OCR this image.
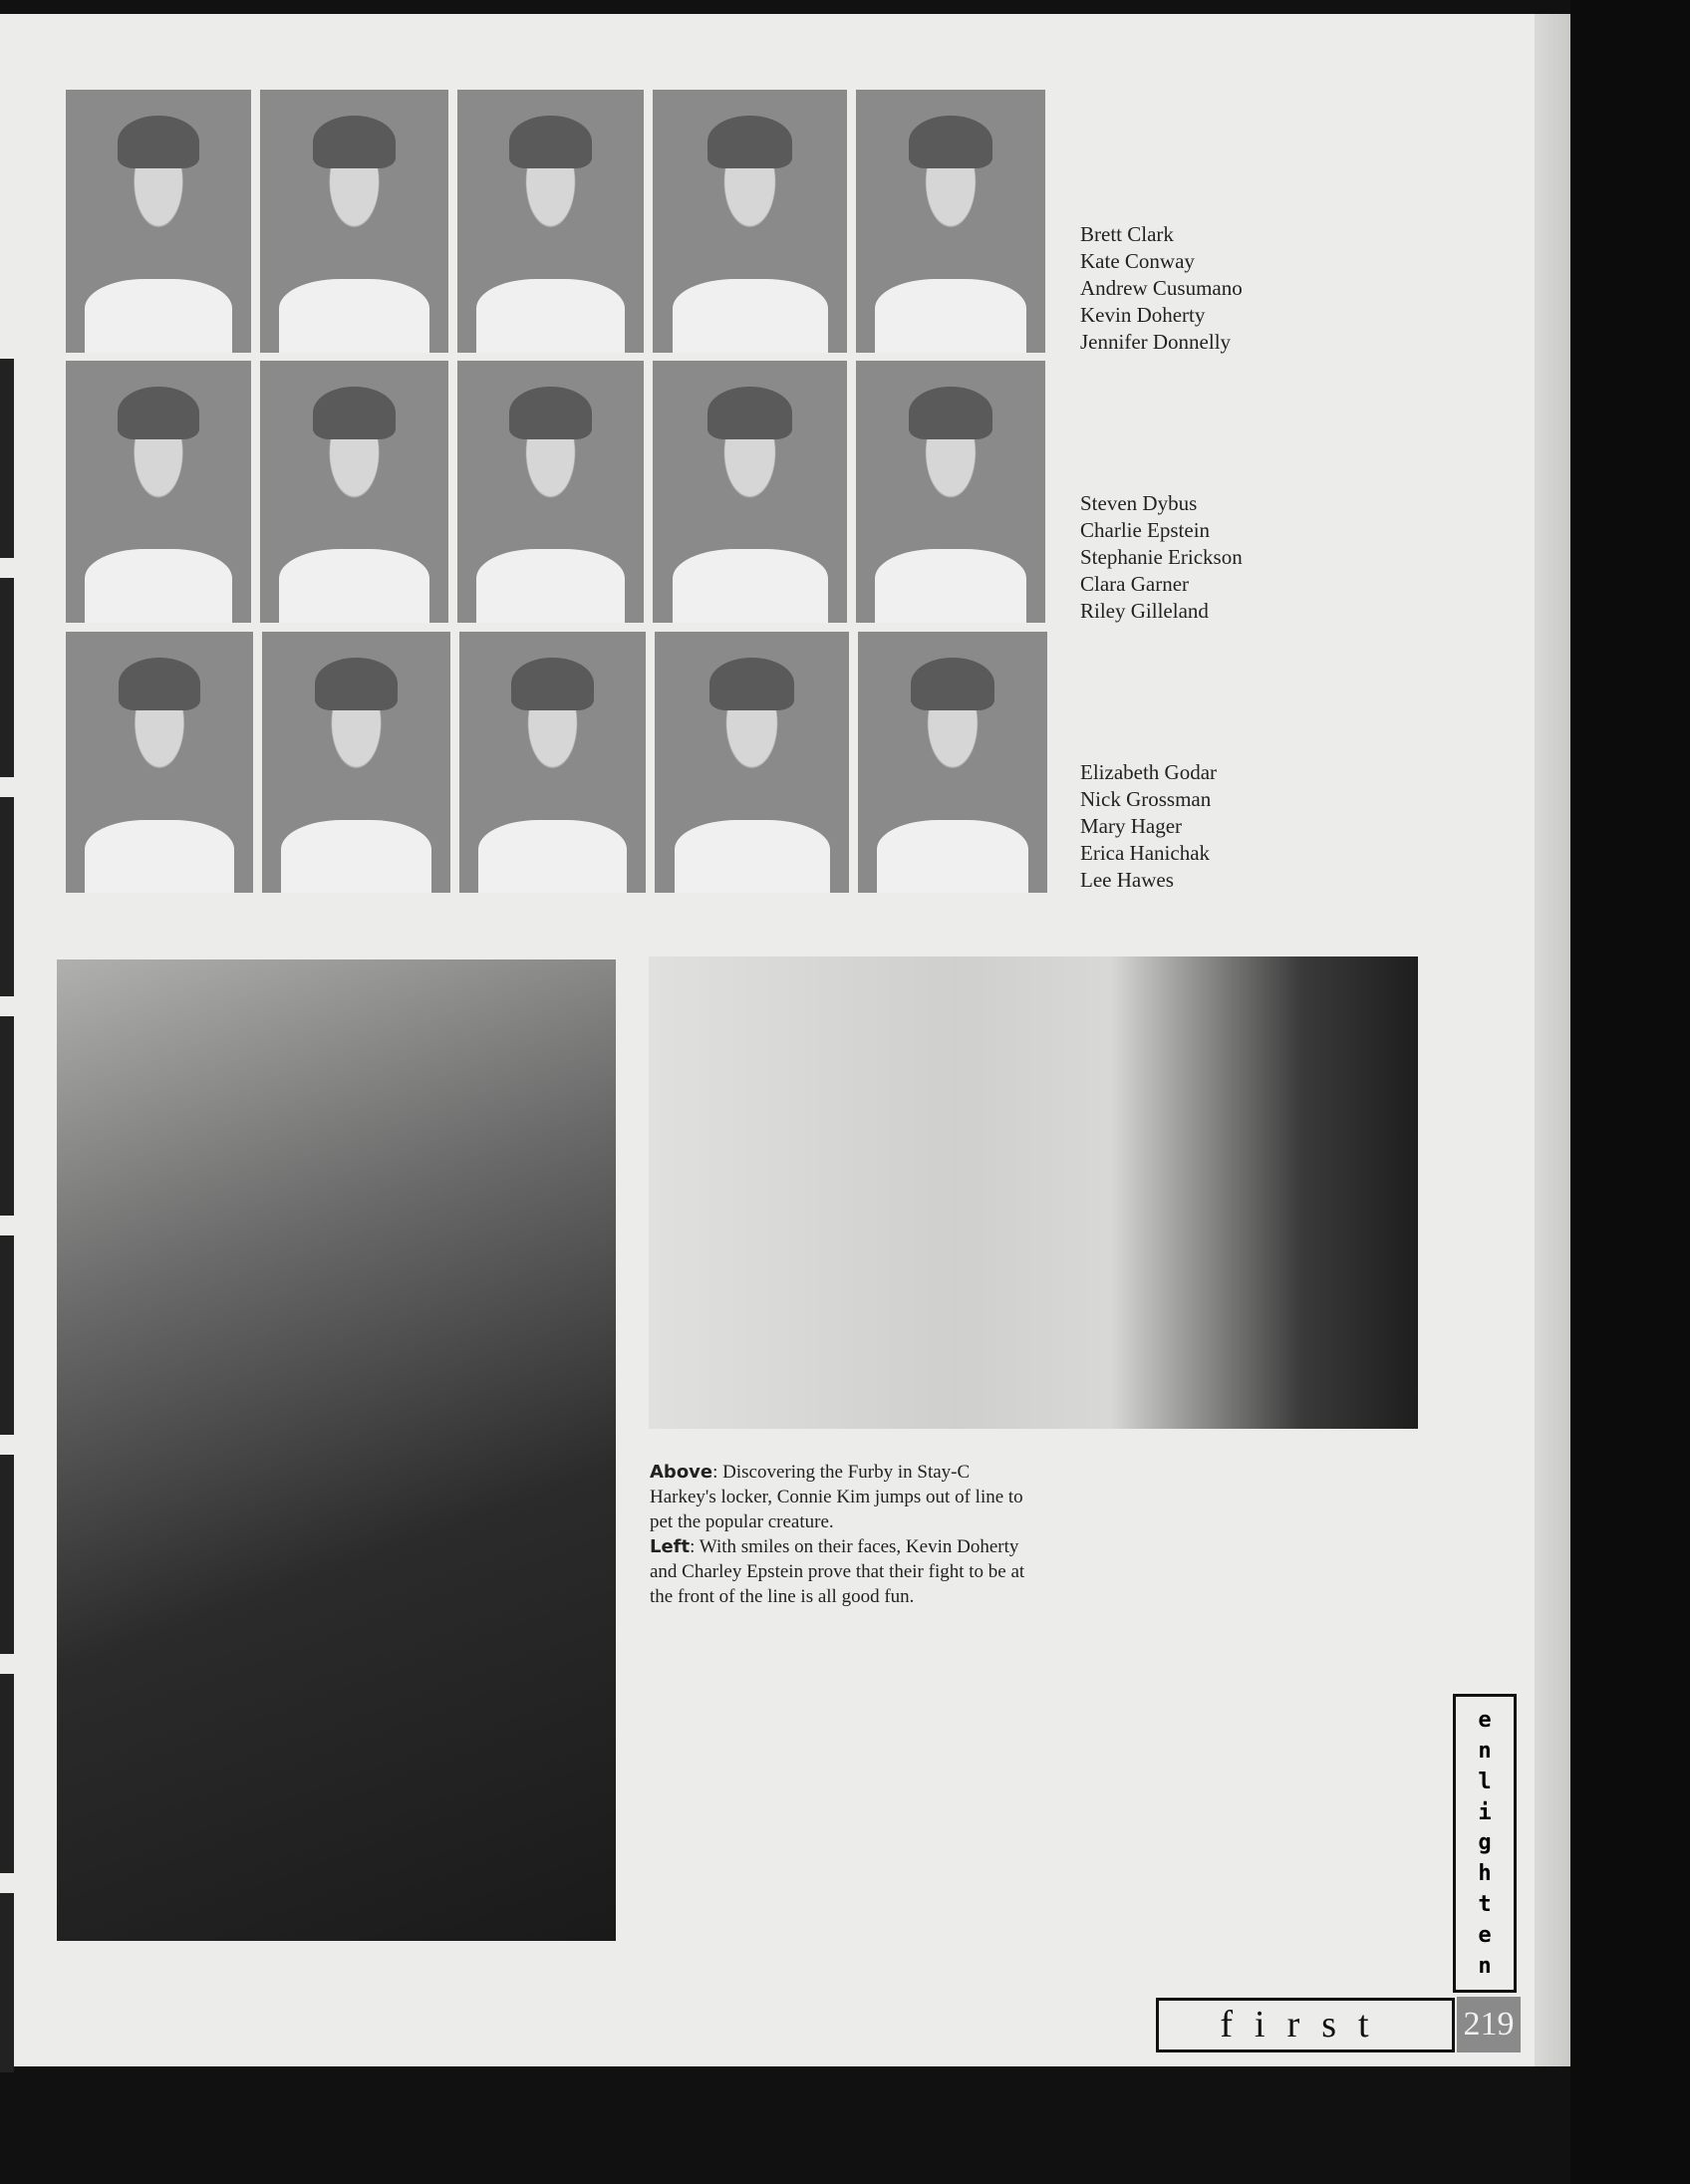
Brett Clark
Kate Conway
Andrew Cusumano
Kevin Doherty
Jennifer Donnelly
Steven Dybus
Charlie Epstein
Stephanie Erickson
Clara Garner
Riley Gilleland
Elizabeth Godar
Nick Grossman
Mary Hager
Erica Hanichak
Lee Hawes
Above: Discovering the Furby in Stay-C Harkey's locker, Connie Kim jumps out of line to pet the popular creature.
Left: With smiles on their faces, Kevin Doherty and Charley Epstein prove that their fight to be at the front of the line is all good fun.
e
n
l
i
g
h
t
e
n
first	219
